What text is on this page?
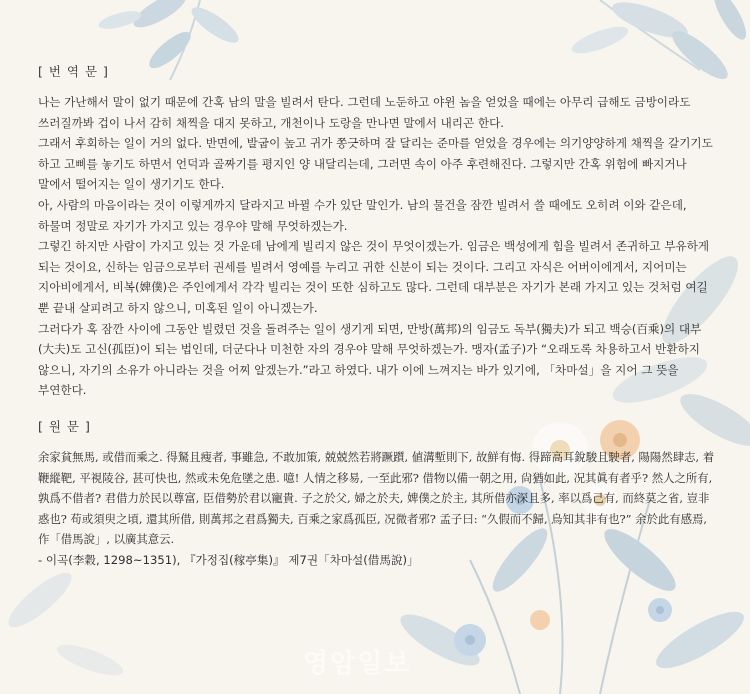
[ 번 역 문 ]

나는 가난해서 말이 없기 때문에 간혹 남의 말을 빌려서 탄다. 그런데 노둔하고 야윈 놈을 얻었을 때에는 아무리 급해도 금방이라도 쓰러질까봐 겁이 나서 감히 채찍을 대지 못하고, 개천이나 도랑을 만나면 말에서 내리곤 한다.

그래서 후회하는 일이 거의 없다. 반면에, 발굽이 높고 귀가 쫑긋하며 잘 달리는 준마를 얻었을 경우에는 의기양양하게 채찍을 갈기기도 하고 고삐를 놓기도 하면서 언덕과 골짜기를 평지인 양 내달리는데, 그러면 속이 아주 후련해진다. 그렇지만 간혹 위험에 빠지거나 말에서 떨어지는 일이 생기기도 한다.

아, 사람의 마음이라는 것이 이렇게까지 달라지고 바뀔 수가 있단 말인가. 남의 물건을 잠깐 빌려서 쓸 때에도 오히려 이와 같은데, 하물며 정말로 자기가 가지고 있는 경우야 말해 무엇하겠는가.

그렇긴 하지만 사람이 가지고 있는 것 가운데 남에게 빌리지 않은 것이 무엇이겠는가. 임금은 백성에게 힘을 빌려서 존귀하고 부유하게 되는 것이요, 신하는 임금으로부터 권세를 빌려서 영예를 누리고 귀한 신분이 되는 것이다. 그리고 자식은 어버이에게서, 지어미는 지아비에게서, 비복(婢僕)은 주인에게서 각각 빌리는 것이 또한 심하고도 많다. 그런데 대부분은 자기가 본래 가지고 있는 것처럼 여길 뿐 끝내 살피려고 하지 않으니, 미혹된 일이 아니겠는가.

그러다가 혹 잠깐 사이에 그동안 빌렸던 것을 돌려주는 일이 생기게 되면, 만방(萬邦)의 임금도 독부(獨夫)가 되고 백승(百乘)의 대부(大夫)도 고신(孤臣)이 되는 법인데, 더군다나 미천한 자의 경우야 말해 무엇하겠는가. 맹자(孟子)가 “오래도록 차용하고서 반환하지 않으니, 자기의 소유가 아니라는 것을 어찌 알겠는가.”라고 하였다. 내가 이에 느껴지는 바가 있기에, 「차마설」을 지어 그 뜻을 부연한다.

[ 원 문 ]

余家貧無馬, 或借而乘之. 得駑且瘦者, 事雖急, 不敢加策, 兢兢然若將蹶躓, 値溝塹則下, 故鮮有悔. 得蹄高耳銳駿且駛者, 陽陽然肆志, 着鞭縱靶, 平視陵谷, 甚可快也, 然或未免危墜之患. 噫! 人情之移易, 一至此邪? 借物以備一朝之用, 尙猶如此, 况其眞有者乎? 然人之所有, 孰爲不借者? 君借力於民以尊富, 臣借勢於君以寵貴. 子之於父, 婦之於夫, 婢僕之於主, 其所借亦深且多, 率以爲己有, 而終莫之省, 豈非惑也? 苟或須臾之頃, 還其所借, 則萬邦之君爲獨夫, 百乘之家爲孤臣, 况微者邪? 孟子曰: “久假而不歸, 烏知其非有也?” 余於此有感焉, 作「借馬說」, 以廣其意云.

- 이곡(李穀, 1298~1351), 『가정집(稼亭集)』 제7권「차마설(借馬說)」

영암일보
